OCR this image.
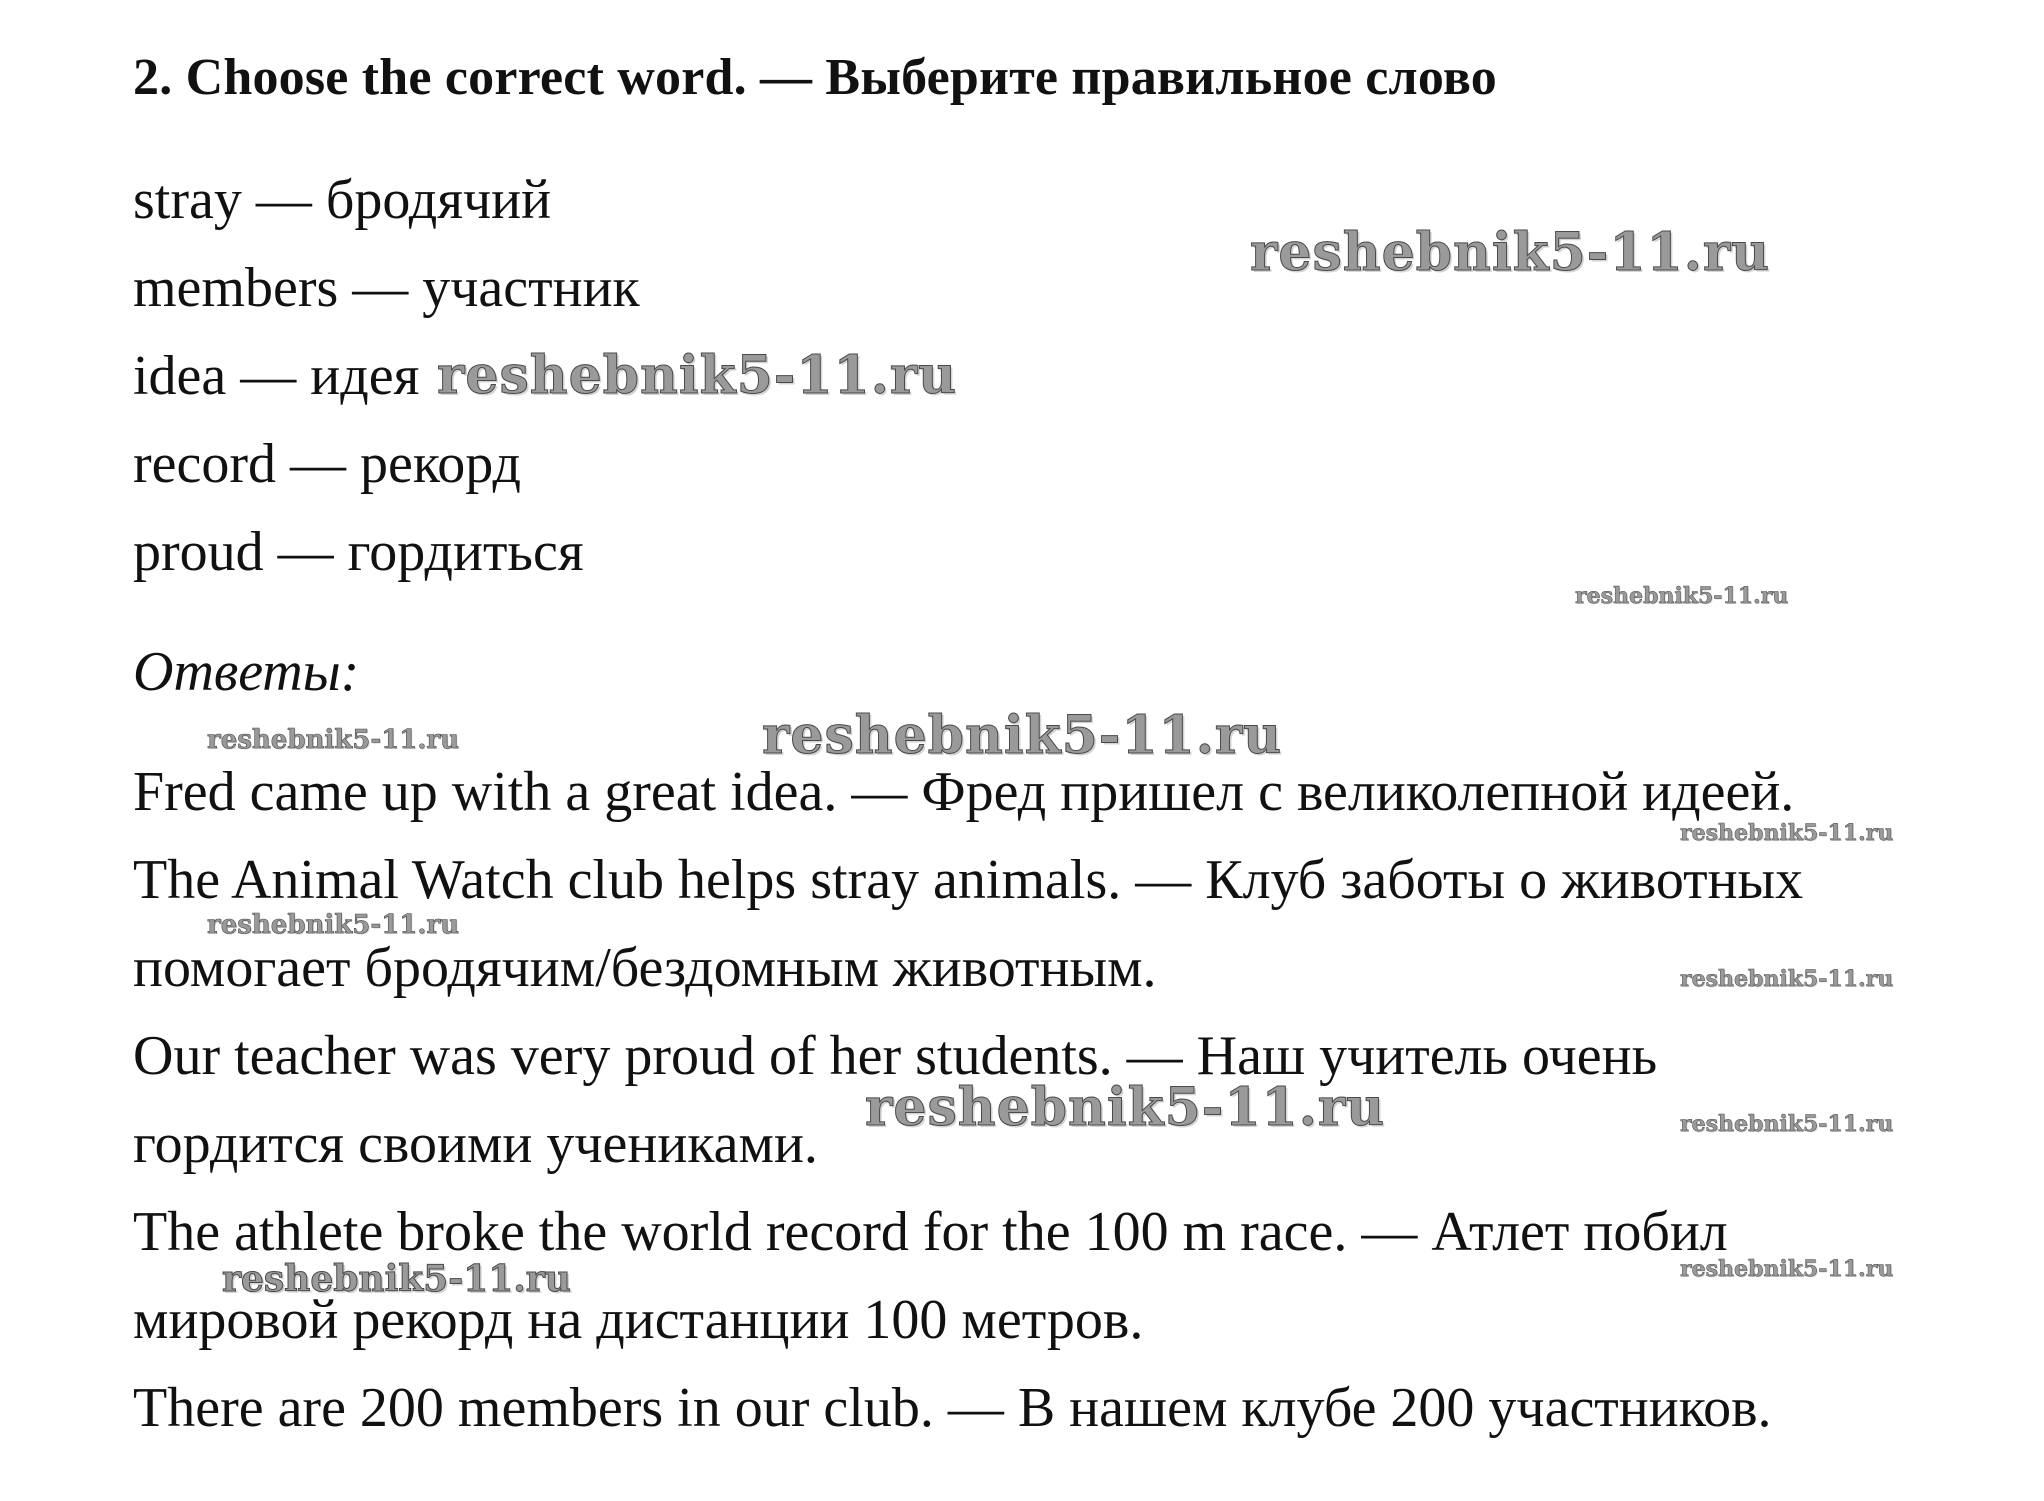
2. Choose the correct word. — Выберите правильное слово
stray — бродячий
members — участник
idea — идея
record — рекорд
proud — гордиться
Ответы:
Fred came up with a great idea. — Фред пришел с великолепной идеей.
The Animal Watch club helps stray animals. — Клуб заботы о животных
помогает бродячим/бездомным животным.
Our teacher was very proud of her students. — Наш учитель очень
гордится своими учениками.
The athlete broke the world record for the 100 m race. — Атлет побил
мировой рекорд на дистанции 100 метров.
There are 200 members in our club. — В нашем клубе 200 участников.
reshebnik5-11.ru
reshebnik5-11.ru
reshebnik5-11.ru
reshebnik5-11.ru	reshebnik5-11.ru
reshebnik5-11.ru
reshebnik5-11.ru
reshebnik5-11.ru
reshebnik5-11.ru	reshebnik5-11.ru
reshebnik5-11.ru	reshebnik5-11.ru
